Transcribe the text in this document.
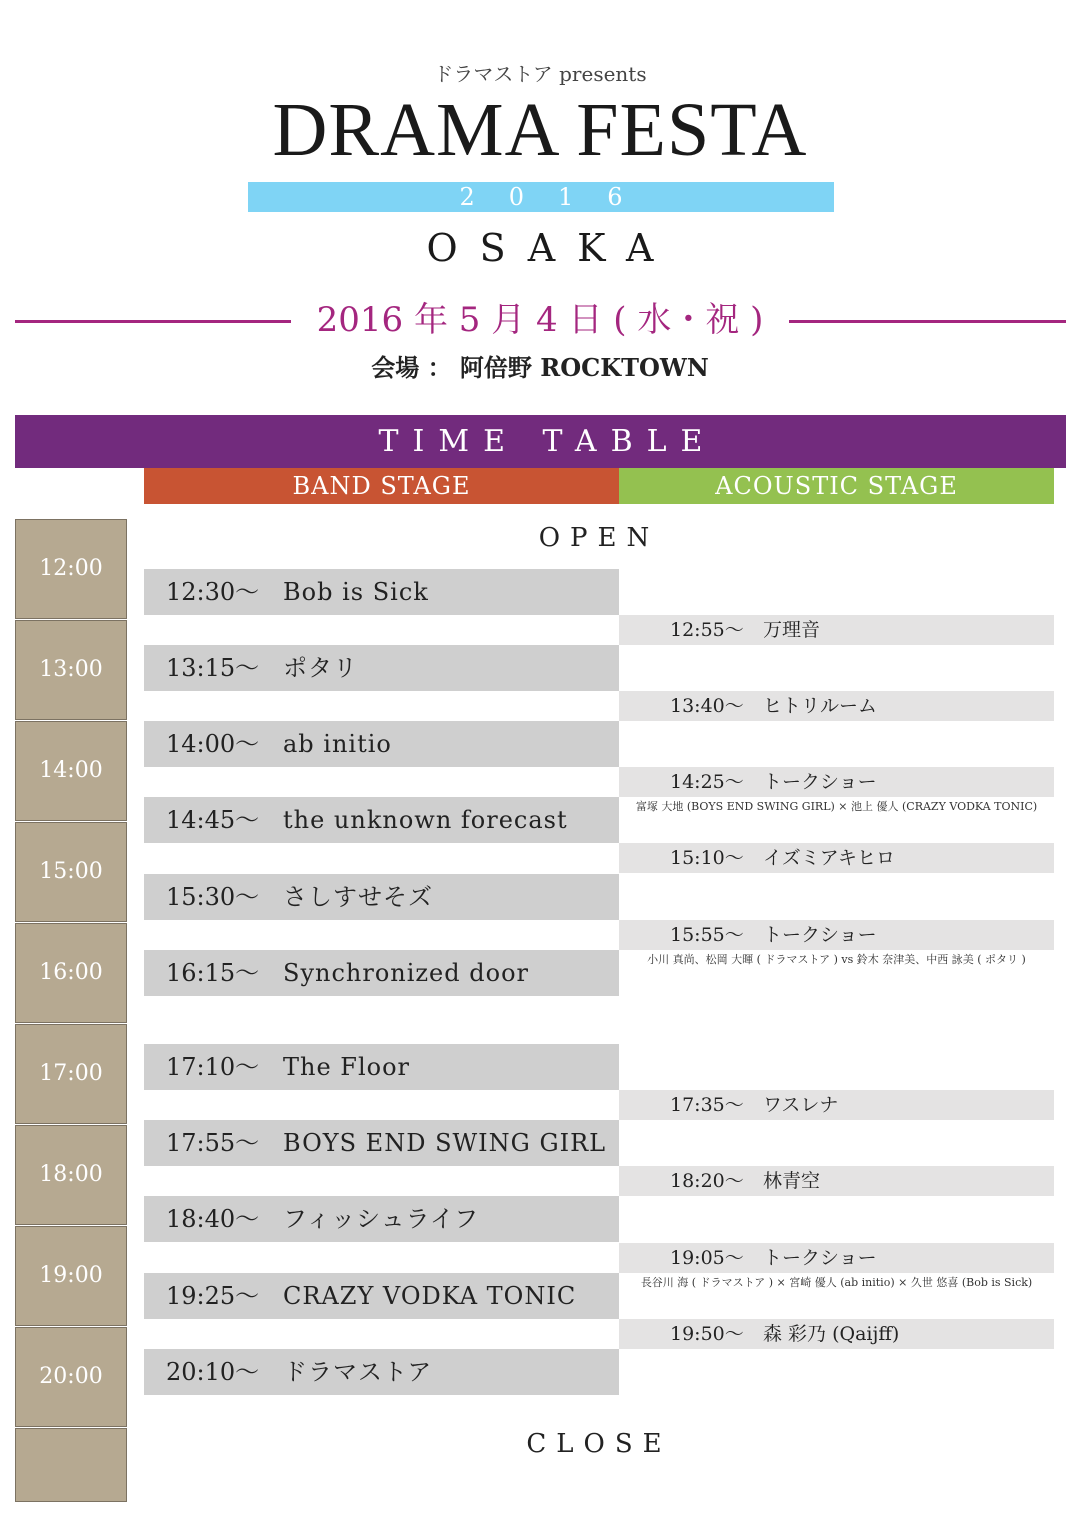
ドラマストア presents
DRAMA FESTA
2016
OSAKA
2016 年 5 月 4 日 ( 水・祝 )
会場 ： 阿倍野 ROCKTOWN
TIME TABLE
BAND STAGE	ACOUSTIC STAGE
OPEN
CLOSE
12:00
13:00
14:00
15:00
16:00
17:00
18:00
19:00
20:00
12:30〜 Bob is Sick
13:15〜 ポタリ
14:00〜 ab initio
14:45〜 the unknown forecast
15:30〜 さしすせそズ
16:15〜 Synchronized door
17:10〜 The Floor
17:55〜 BOYS END SWING GIRL
18:40〜 フィッシュライフ
19:25〜 CRAZY VODKA TONIC
20:10〜 ドラマストア
12:55〜 万理音
13:40〜 ヒトリルーム
14:25〜 トークショー
富塚 大地 (BOYS END SWING GIRL) × 池上 優人 (CRAZY VODKA TONIC)
15:10〜 イズミアキヒロ
15:55〜 トークショー
小川 真尚、松岡 大暉 ( ドラマストア ) vs 鈴木 奈津美、中西 詠美 ( ポタリ )
17:35〜 ワスレナ
18:20〜 林青空
19:05〜 トークショー
長谷川 海 ( ドラマストア ) × 宮崎 優人 (ab initio) × 久世 悠喜 (Bob is Sick)
19:50〜 森 彩乃 (Qaijff)
